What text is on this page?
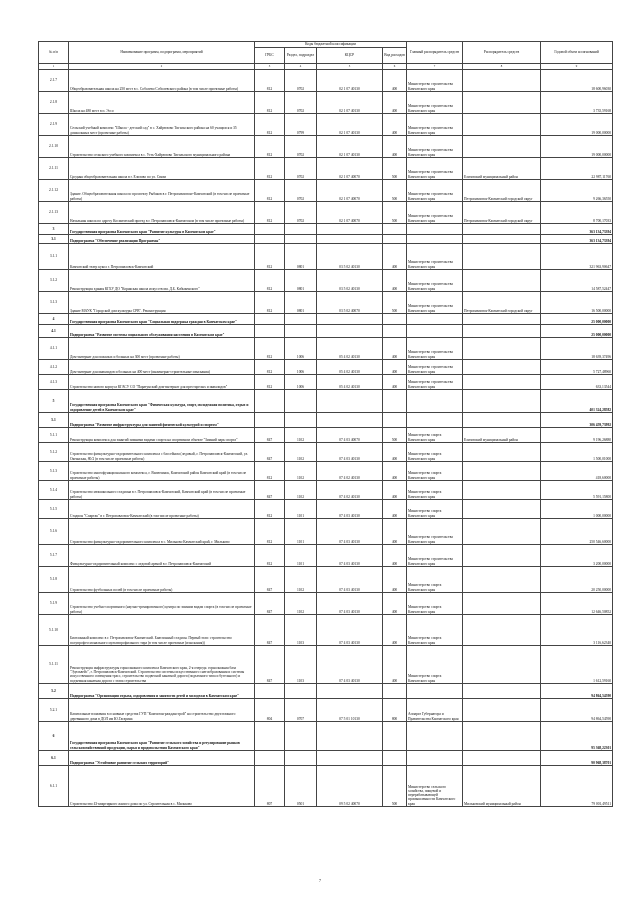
№ п/п	Наименование программ, подпрограмм, мероприятий	Коды бюджетной классификации				Главный распорядитель средств	Распорядитель средств	Годовой объем ассигнований
		ГРБС	Раздел, подраздел	КЦСР	Вид расходов			
1	2	3	4	5	6	7	8	9
2.1.7	Общеобразовательная школа на 250 мест в с. Соболево Соболевского района (в том числе проектные работы)	812	0702	02 1 07 40130	400	Министерство строительства Камчатского края		18 600,96030
2.1.8	Школа на 480 мест в п. Эссо	812	0702	02 1 07 40130	400	Министерство строительства Камчатского края		3 735,59168
2.1.9	Сельский учебный комплекс "Школа - детский сад" в с. Хайрюзово Тигильского района на 60 учащихся и 35 дошкольных мест (проектные работы)	812	0799	02 1 07 40130	400	Министерство строительства Камчатского края		19 000,00000
2.1.10	Строительство сельского учебного комплекса в с. Усть-Хайрюзово Тигильского муниципального района	812	0702	02 1 07 40130	400	Министерство строительства Камчатского края		19 000,00000
2.1.11	Средняя общеобразовательная школа в г. Елизово по ул. Связи	812	0702	02 1 07 40070	500	Министерство строительства Камчатского края	Елизовский муниципальный район	22 987,11760
2.1.12	Здание. Общеобразовательная школа по проспекту Рыбаков в г. Петропавловске-Камчатский (в том числе проектные работы)	812	0702	02 1 07 40070	500	Министерство строительства Камчатского края	Петропавловск-Камчатский городской округ	9 266,36550
2.1.13	Начальная школа по адресу Космический проезд в г. Петропавловск-Камчатском (в том числе проектные работы)	812	0702	02 1 07 40070	500	Министерство строительства Камчатского края	Петропавловск-Камчатский городской округ	8 700,17033
3	Государственная программа Камчатского края "Развитие культуры в Камчатском крае"							363 134,73394
3.1	Подпрограмма "Обеспечение реализации Программы"							363 134,73394
3.1.1	Камчатский театр кукол г. Петропавловск-Камчатский	812	0801	03 5 02 40130	400	Министерство строительства Камчатского края		321 963,90647
3.1.2	Реконструкция здания КГБУ ДО "Корякская школа искусств им. Д.Б. Кабыкенского"	812	0801	03 5 02 40130	400	Министерство строительства Камчатского края		14 587,52447
3.1.3	Здание МАУК "Городской дом культуры СРВ". Реконструкция	812	0801	03 5 02 40070	500	Министерство строительства Камчатского края	Петропавловск-Камчатский городской округ	16 500,00000
4	Государственная программа Камчатского края "Социальная поддержка граждан в Камчатском крае"							25 000,00000
4.1	Подпрограмма "Развитие системы социального обслуживания населения в Камчатском крае"							25 000,00000
4.1.1	Дом-интернат для пожилых и больных на 300 мест (проектные работы)	812	1006	05 4 02 40130	400	Министерство строительства Камчатского края		18 639,37496
4.1.2	Дом-интернат для инвалидов и больных на 400 мест (инженерно-строительные изыскания)	812	1006	05 4 02 40130	400	Министерство строительства Камчатского края		5 727,48960
4.1.3	Строительство нового корпуса КГАСУ СО "Паратунский дом-интернат для престарелых и инвалидов"	812	1006	05 4 02 40130	400	Министерство строительства Камчатского края		633,13544
5	Государственная программа Камчатского края "Физическая культура, спорт, молодежная политика, отдых и оздоровление детей в Камчатском крае"							401 324,28582
5.1	Подпрограмма "Развитие инфраструктуры для занятий физической культурой и спортом"							306 459,73992
5.1.1	Реконструкция комплекса для занятий зимними видами спорта на спортивном объекте "Зимний парк спорта"	847	1102	07 4 03 40070	500	Министерство спорта Камчатского края	Елизовский муниципальный район	9 196,26880
5.1.2	Строительство физкультурно-оздоровительного комплекса с бассейном (ледовый, г. Петропавловск-Камчатский, ул. Океанская, 80/2 (в том числе проектные работы)	847	1102	07 4 03 40130	400	Министерство спорта Камчатского края		1 500,01000
5.1.3	Строительство многофункционального комплекса, г. Вилючинск, Камчатский район Камчатский край (в том числе проектные работы)	812	1102	07 4 02 40130	400	Министерство спорта Камчатского края		418,60000
5.1.4	Строительство межшкольного стадиона в г. Петропавловск-Камчатский, Камчатский край (в том числе проектные работы)	847	1102	07 4 02 40130	400	Министерство спорта Камчатского края		5 591,15800
5.1.5	Стадион "Спартак" в г. Петропавловск-Камчатский (в том числе проектные работы)	812	1101	07 4 03 40130	400	Министерство спорта Камчатского края		1 000,00000
5.1.6	Строительство физкультурно-оздоровительного комплекса в с. Мильково Камчатский край, г. Мильково	812	1101	07 4 03 40130	400	Министерство строительства Камчатского края		250 546,60000
5.1.7	Физкультурно-оздоровительный комплекс с ледовой ареной в г. Петропавловск-Камчатский	812	1101	07 4 03 40130	400	Министерство строительства Камчатского края		3 200,00000
5.1.8	Строительство футбольных полей (в том числе проектные работы)	847	1102	07 4 03 40130	400	Министерство спорта Камчатского края		20 250,00000
5.1.9	Строительство учебно-спортивного (научно-тренировочного) центра по зимним видам спорта (в том числе проектные работы)	847	1102	07 4 03 40130	400	Министерство спорта Камчатского края		12 646,50852
5.1.10	Биатлонный комплекс в г. Петропавловск-Камчатский. Биатлонный стадион. Первый этап: строительство полупрофессионального мультипрофильного тира (в том числе проектные (изыскания))	847	1103	07 4 03 40130	400	Министерство спорта Камчатского края		3 116,62340
5.1.11	Реконструкция инфраструктуры горнолыжного комплекса Камчатского края, 2-я очередь: горнолыжная база "Эдельвейс", г. Петропавловск-Камчатский. Строительство системы искусственного снегообразования и системы искусственного освещения трасс, строительство подвесной канатной дороги (подъемного типа и бугельного) и подъемная канатная дорога с этапа строительства	847	1103	07 4 03 40130	400	Министерство спорта Камчатского края		1 612,59160
5.2	Подпрограмма "Организация отдыха, оздоровления и занятости детей и молодежи в Камчатском крае"							94 864,54590
5.2.1	Капитальные вложения в основные средства ГУП "Камчатскгражданстрой" на строительство двухэтажного деревянного дома в ДОЛ им Ю.Гагарина	804	0707	07 5 01 10130	800	Аппарат Губернатора и Правительства Камчатского края		94 864,54590
6	Государственная программа Камчатского края "Развитие сельского хозяйства и регулирование рынков сельскохозяйственной продукции, сырья и продовольствия Камчатского края"							95 368,22301
6.1	Подпрограмма "Устойчивое развитие сельских территорий"							90 968,38701
6.1.1	Строительство 43-квартирного жилого дома по ул. Строительная в с. Мильково	807	0501	09 5 02 40070	500	Министерство сельского хозяйства, пищевой и перерабатывающей промышленности Камчатского края	Мильковский муниципальный район	79 001,49511
7
